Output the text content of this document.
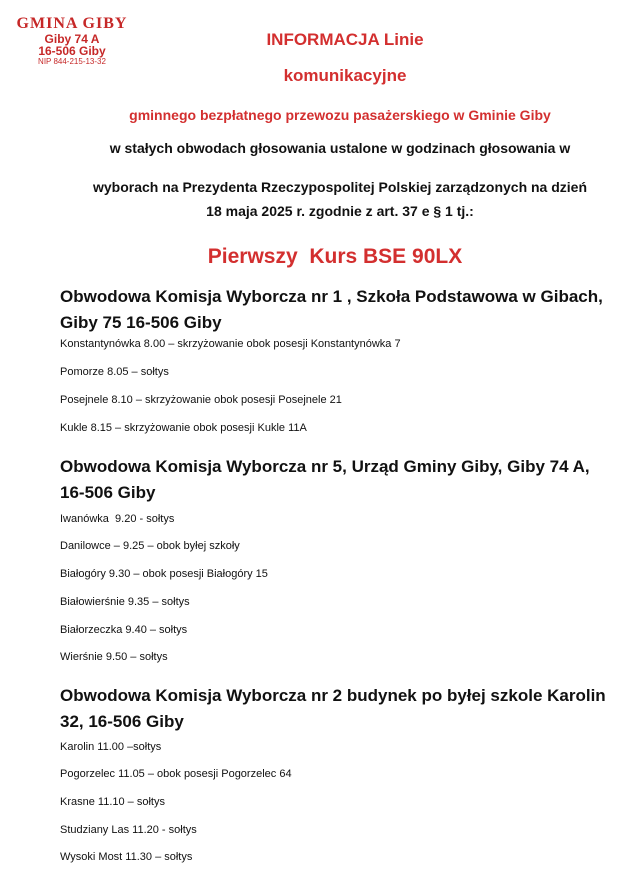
GMINA GIBY
Giby 74 A
16-506 Giby
NIP 844-215-13-32
INFORMACJA Linie
komunikacyjne
gminnego bezpłatnego przewozu pasażerskiego w Gminie Giby
w stałych obwodach głosowania ustalone w godzinach głosowania w
wyborach na Prezydenta Rzeczypospolitej Polskiej zarządzonych na dzień
18 maja 2025 r. zgodnie z art. 37 e § 1 tj.:
Pierwszy  Kurs BSE 90LX
Obwodowa Komisja Wyborcza nr 1 , Szkoła Podstawowa w Gibach,
Giby 75 16-506 Giby
Konstantynówka 8.00 – skrzyżowanie obok posesji Konstantynówka 7
Pomorze 8.05 – sołtys
Posejnele 8.10 – skrzyżowanie obok posesji Posejnele 21
Kukle 8.15 – skrzyżowanie obok posesji Kukle 11A
Obwodowa Komisja Wyborcza nr 5, Urząd Gminy Giby, Giby 74 A,
16-506 Giby
Iwanówka  9.20 - sołtys
Danilowce – 9.25 – obok byłej szkoły
Białogóry 9.30 – obok posesji Białogóry 15
Białowierśnie 9.35 – sołtys
Białorzeczka 9.40 – sołtys
Wierśnie 9.50 – sołtys
Obwodowa Komisja Wyborcza nr 2 budynek po byłej szkole Karolin
32, 16-506 Giby
Karolin 11.00 –sołtys
Pogorzelec 11.05 – obok posesji Pogorzelec 64
Krasne 11.10 – sołtys
Studziany Las 11.20 - sołtys
Wysoki Most 11.30 – sołtys
